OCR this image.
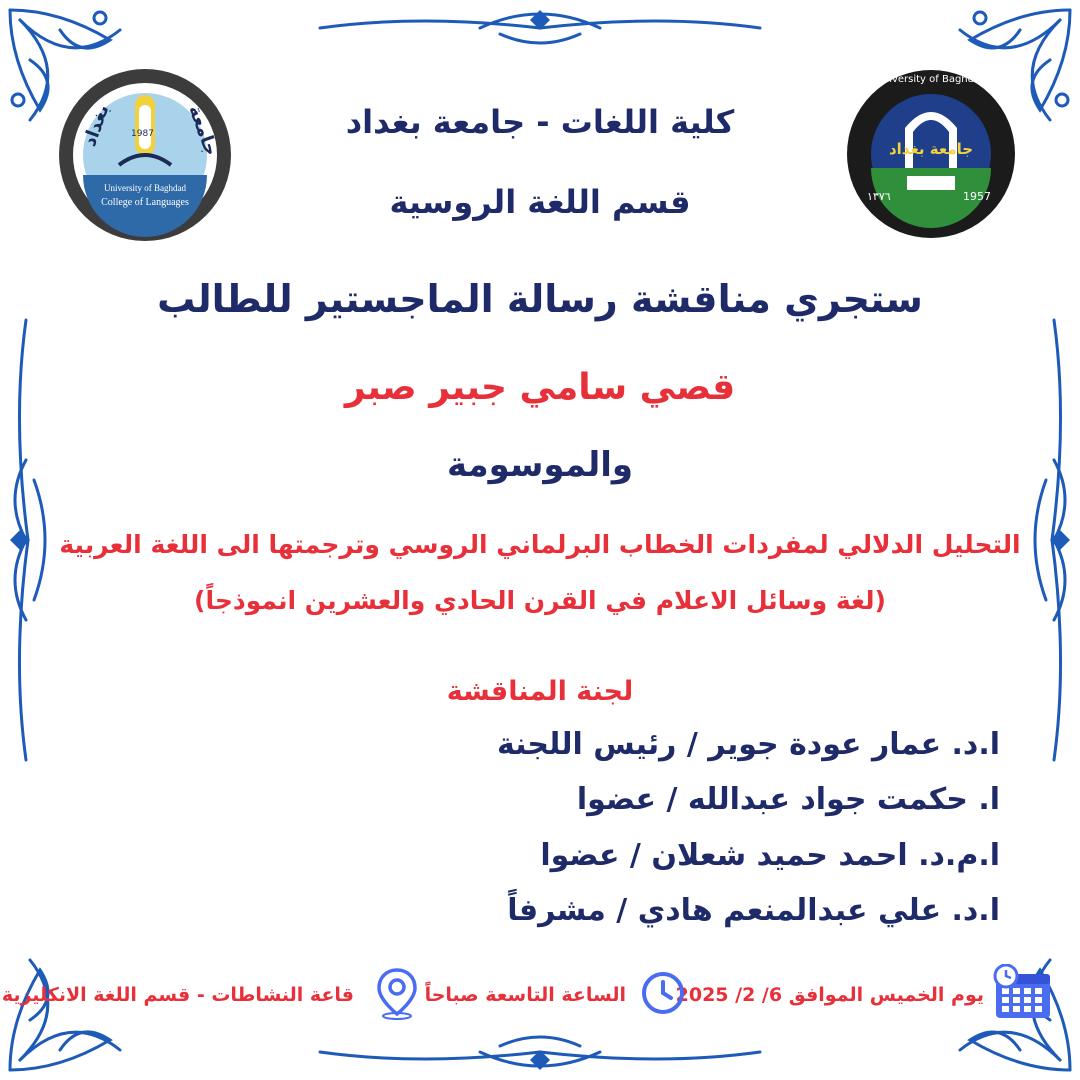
1987
بغداد	جامعة
University of Baghdad
College of Languages
University of Baghdad
جامعة بغداد
1957
١٣٧٦
كلية اللغات - جامعة بغداد
قسم اللغة الروسية
ستجري مناقشة رسالة الماجستير للطالب
قصي سامي جبير صبر
والموسومة
التحليل الدلالي لمفردات الخطاب البرلماني الروسي وترجمتها الى اللغة العربية
(لغة وسائل الاعلام في القرن الحادي والعشرين انموذجاً)
لجنة المناقشة
ا.د. عمار عودة جوير / رئيس اللجنة
ا. حكمت جواد عبدالله / عضوا
ا.م.د. احمد حميد شعلان / عضوا
ا.د. علي عبدالمنعم هادي / مشرفاً
يوم الخميس الموافق 6/ 2/ 2025
الساعة التاسعة صباحاً
قاعة النشاطات - قسم اللغة الانكليزية
